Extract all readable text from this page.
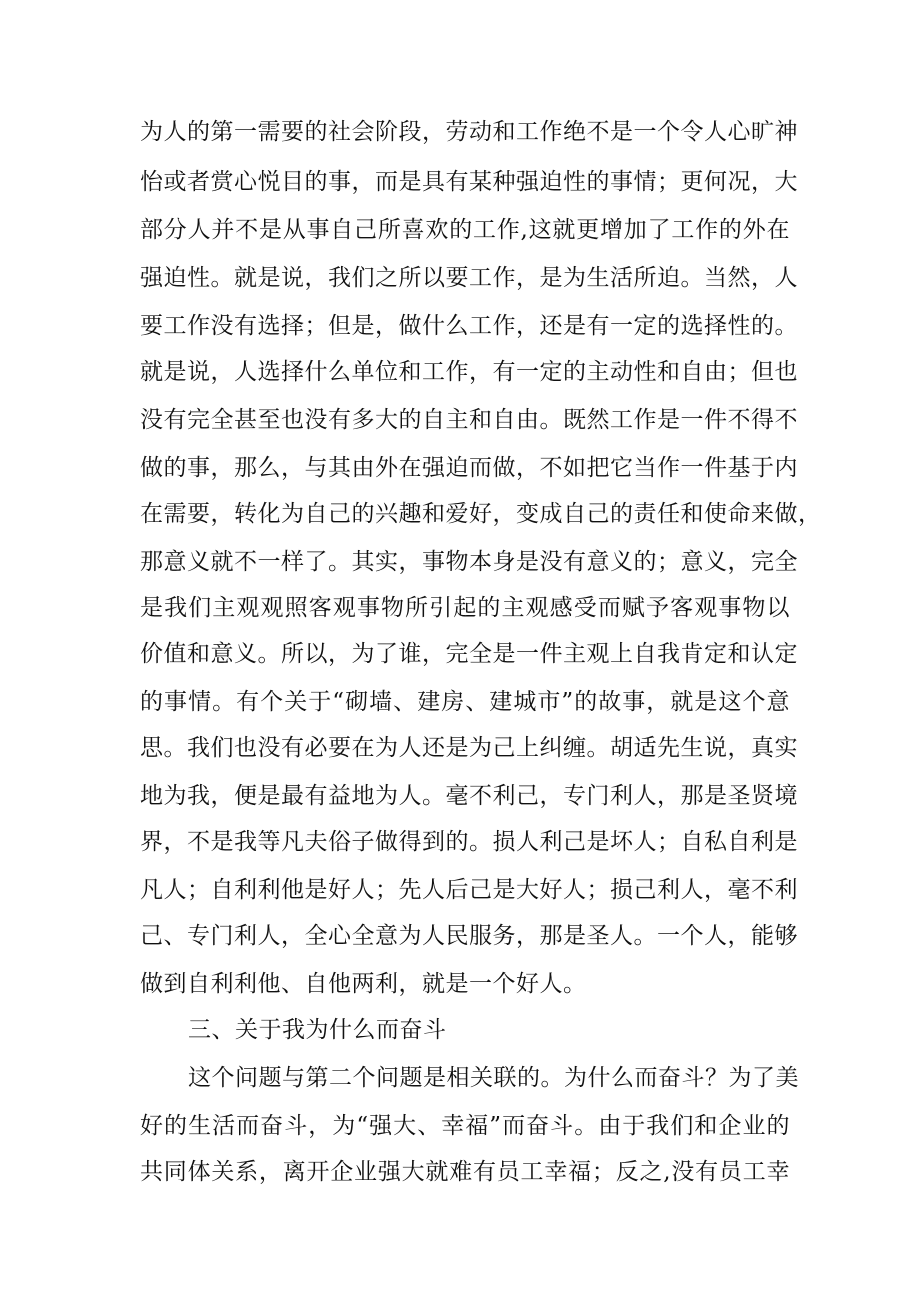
为人的第一需要的社会阶段，劳动和工作绝不是一个令人心旷神
怡或者赏心悦目的事，而是具有某种强迫性的事情；更何况，大
部分人并不是从事自己所喜欢的工作,这就更增加了工作的外在
强迫性。就是说，我们之所以要工作，是为生活所迫。当然，人
要工作没有选择；但是，做什么工作，还是有一定的选择性的。
就是说，人选择什么单位和工作，有一定的主动性和自由；但也
没有完全甚至也没有多大的自主和自由。既然工作是一件不得不
做的事，那么，与其由外在强迫而做，不如把它当作一件基于内
在需要，转化为自己的兴趣和爱好，变成自己的责任和使命来做，
那意义就不一样了。其实，事物本身是没有意义的；意义，完全
是我们主观观照客观事物所引起的主观感受而赋予客观事物以
价值和意义。所以，为了谁，完全是一件主观上自我肯定和认定
的事情。有个关于“砌墙、建房、建城市”的故事，就是这个意
思。我们也没有必要在为人还是为己上纠缠。胡适先生说，真实
地为我，便是最有益地为人。毫不利己，专门利人，那是圣贤境
界，不是我等凡夫俗子做得到的。损人利己是坏人；自私自利是
凡人；自利利他是好人；先人后己是大好人；损己利人，毫不利
己、专门利人，全心全意为人民服务，那是圣人。一个人，能够
做到自利利他、自他两利，就是一个好人。
三、关于我为什么而奋斗
这个问题与第二个问题是相关联的。为什么而奋斗？为了美
好的生活而奋斗，为“强大、幸福”而奋斗。由于我们和企业的
共同体关系，离开企业强大就难有员工幸福；反之,没有员工幸
